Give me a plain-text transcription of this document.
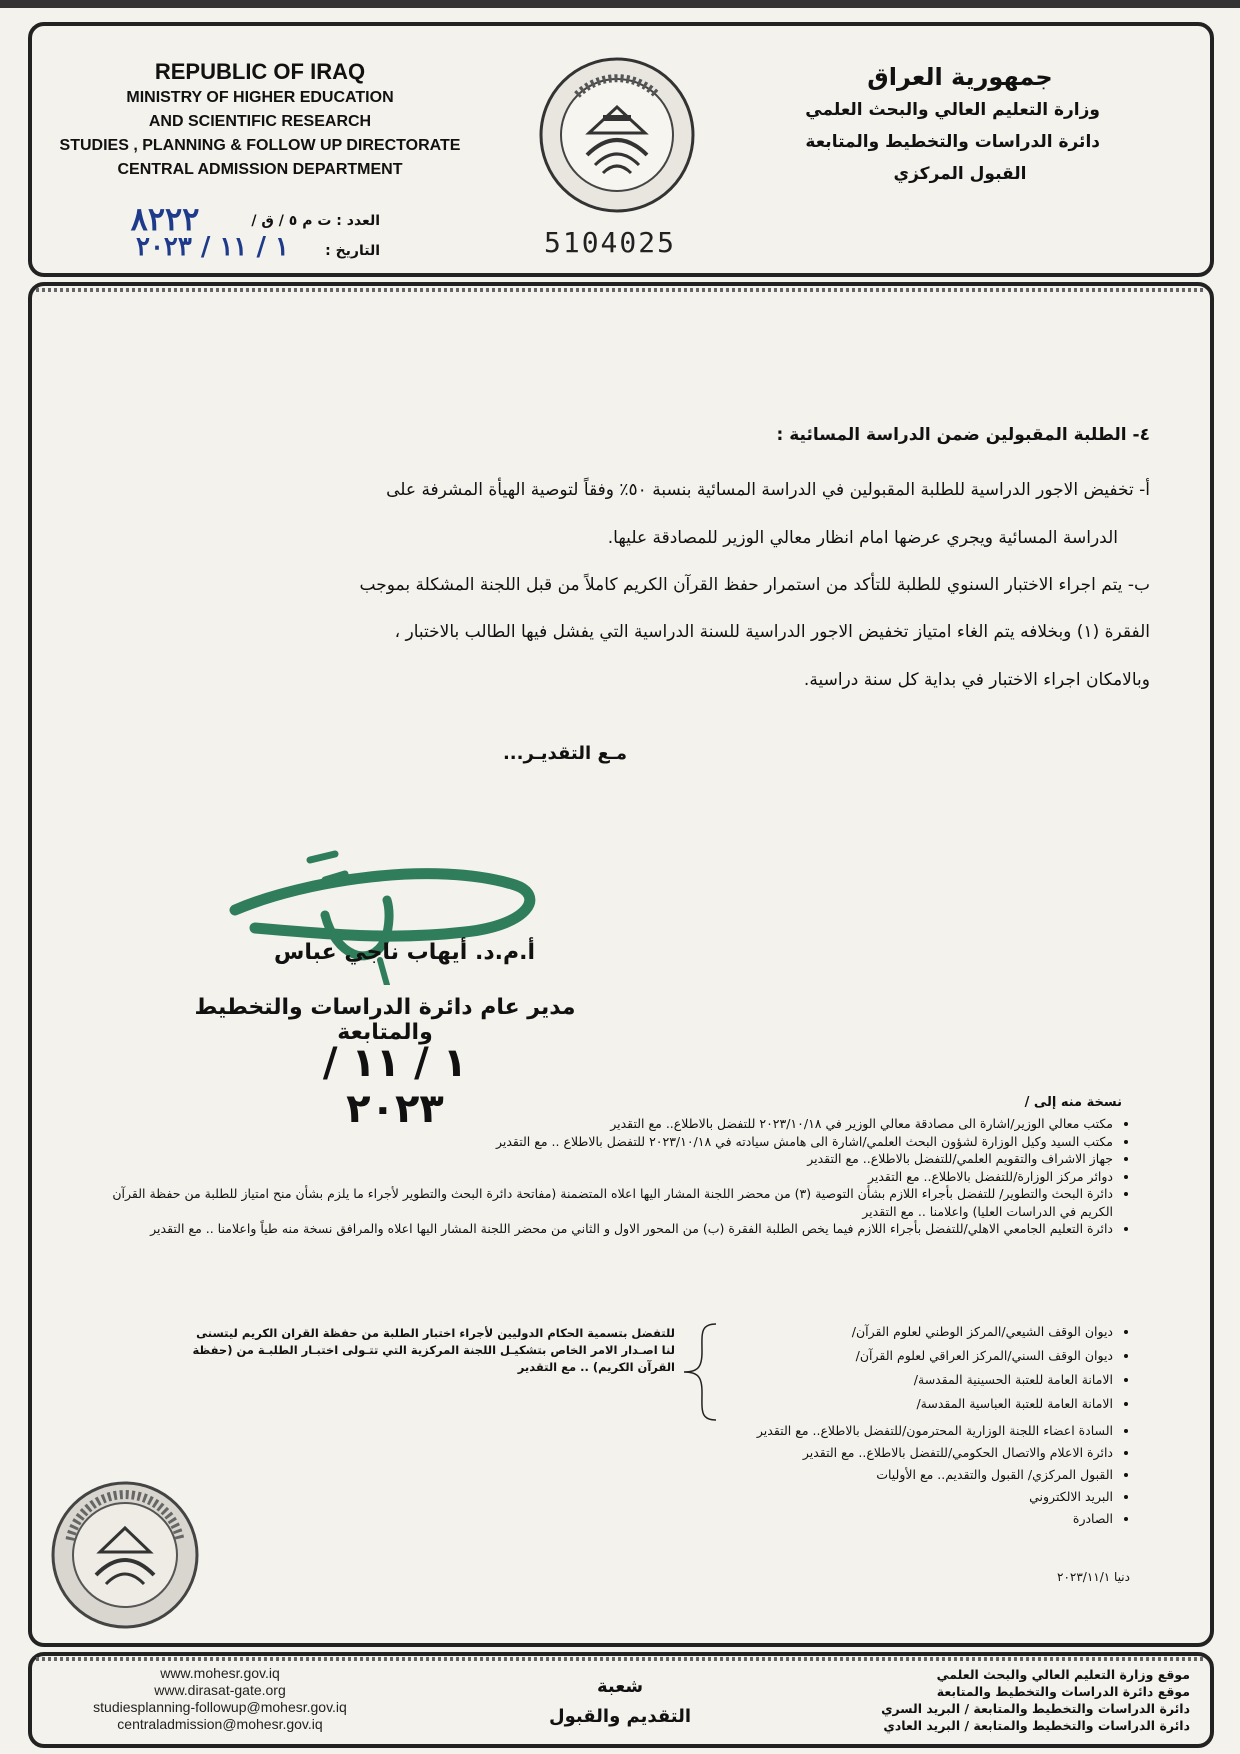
REPUBLIC OF IRAQ
MINISTRY OF HIGHER EDUCATION
AND SCIENTIFIC RESEARCH
STUDIES , PLANNING & FOLLOW UP DIRECTORATE
CENTRAL ADMISSION DEPARTMENT
العدد : ت م ٥ / ق /
٨٢٢٢
التاريخ :
١ / ١١ / ٢٠٢٣	5104025
جمهورية العراق
وزارة التعليم العالي والبحث العلمي
دائرة الدراسات والتخطيط والمتابعة
القبول المركزي
٤- الطلبة المقبولين ضمن الدراسة المسائية :
أ- تخفيض الاجور الدراسية للطلبة المقبولين في الدراسة المسائية بنسبة ٥٠٪ وفقاً لتوصية الهيأة المشرفة على
الدراسة المسائية ويجري عرضها امام انظار معالي الوزير للمصادقة عليها.
ب- يتم اجراء الاختبار السنوي للطلبة للتأكد من استمرار حفظ القرآن الكريم كاملاً من قبل اللجنة المشكلة بموجب
الفقرة (١) وبخلافه يتم الغاء امتياز تخفيض الاجور الدراسية للسنة الدراسية التي يفشل فيها الطالب بالاختبار ،
وبالامكان اجراء الاختبار في بداية كل سنة دراسية.
مـع التقديـر...
أ.م.د. أيهاب ناجي عباس
مدير عام دائرة الدراسات والتخطيط والمتابعة
١ / ١١ / ٢٠٢٣	نسخة منه إلى /
• مكتب معالي الوزير/اشارة الى مصادقة معالي الوزير في ٢٠٢٣/١٠/١٨ للتفضل بالاطلاع.. مع التقدير
• مكتب السيد وكيل الوزارة لشؤون البحث العلمي/اشارة الى هامش سيادته في ٢٠٢٣/١٠/١٨ للتفضل بالاطلاع .. مع التقدير
• جهاز الاشراف والتقويم العلمي/للتفضل بالاطلاع.. مع التقدير
• دوائر مركز الوزارة/للتفضل بالاطلاع.. مع التقدير
• دائرة البحث والتطوير/ للتفضل بأجراء اللازم بشأن التوصية (٣) من محضر اللجنة المشار اليها اعلاه المتضمنة (مفاتحة دائرة البحث والتطوير لأجراء ما يلزم بشأن منح امتياز للطلبة من حفظة القرآن الكريم في الدراسات العليا) واعلامنا .. مع التقدير
• دائرة التعليم الجامعي الاهلي/للتفضل بأجراء اللازم فيما يخص الطلبة الفقرة (ب) من المحور الاول و الثاني من محضر اللجنة المشار اليها اعلاه والمرافق نسخة منه طياً واعلامنا .. مع التقدير
• ديوان الوقف الشيعي/المركز الوطني لعلوم القرآن/
• ديوان الوقف السني/المركز العراقي لعلوم القرآن/
• الامانة العامة للعتبة الحسينية المقدسة/
• الامانة العامة للعتبة العباسية المقدسة/
للتفضل بتسمية الحكام الدوليين لأجراء اختبار الطلبة من حفظة القران الكريم ليتسنى لنا اصـدار الامر الخاص بتشكيـل اللجنة المركزية التي تتـولى اختبـار الطلبـة من (حفظة القرآن الكريم) .. مع التقدير
• السادة اعضاء اللجنة الوزارية المحترمون/للتفضل بالاطلاع.. مع التقدير
• دائرة الاعلام والاتصال الحكومي/للتفضل بالاطلاع.. مع التقدير
• القبول المركزي/ القبول والتقديم.. مع الأوليات
• البريد الالكتروني
• الصادرة
دنيا ٢٠٢٣/١١/١
www.mohesr.gov.iq
www.dirasat-gate.org
studiesplanning-followup@mohesr.gov.iq
centraladmission@mohesr.gov.iq
شعبة
التقديم والقبول
موقع وزارة التعليم العالي والبحث العلمي
موقع دائرة الدراسات والتخطيط والمتابعة
دائرة الدراسات والتخطيط والمتابعة / البريد السري
دائرة الدراسات والتخطيط والمتابعة / البريد العادي
